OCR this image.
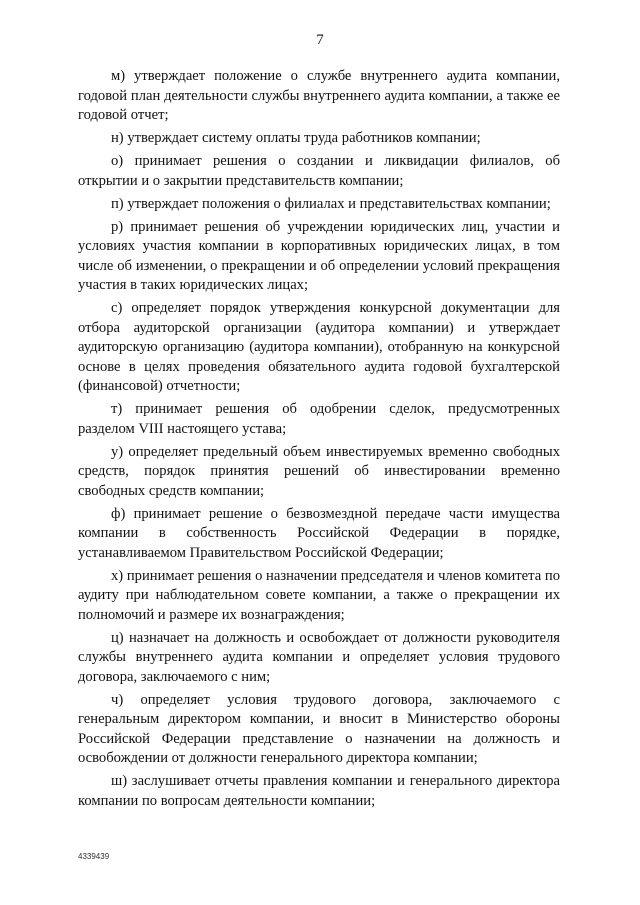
7

м) утверждает положение о службе внутреннего аудита компании, годовой план деятельности службы внутреннего аудита компании, а также ее годовой отчет;

н) утверждает систему оплаты труда работников компании;

о) принимает решения о создании и ликвидации филиалов, об открытии и о закрытии представительств компании;

п) утверждает положения о филиалах и представительствах компании;

р) принимает решения об учреждении юридических лиц, участии и условиях участия компании в корпоративных юридических лицах, в том числе об изменении, о прекращении и об определении условий прекращения участия в таких юридических лицах;

с) определяет порядок утверждения конкурсной документации для отбора аудиторской организации (аудитора компании) и утверждает аудиторскую организацию (аудитора компании), отобранную на конкурсной основе в целях проведения обязательного аудита годовой бухгалтерской (финансовой) отчетности;

т) принимает решения об одобрении сделок, предусмотренных разделом VIII настоящего устава;

у) определяет предельный объем инвестируемых временно свободных средств, порядок принятия решений об инвестировании временно свободных средств компании;

ф) принимает решение о безвозмездной передаче части имущества компании в собственность Российской Федерации в порядке, устанавливаемом Правительством Российской Федерации;

х) принимает решения о назначении председателя и членов комитета по аудиту при наблюдательном совете компании, а также о прекращении их полномочий и размере их вознаграждения;

ц) назначает на должность и освобождает от должности руководителя службы внутреннего аудита компании и определяет условия трудового договора, заключаемого с ним;

ч) определяет условия трудового договора, заключаемого с генеральным директором компании, и вносит в Министерство обороны Российской Федерации представление о назначении на должность и освобождении от должности генерального директора компании;

ш) заслушивает отчеты правления компании и генерального директора компании по вопросам деятельности компании;

4339439
